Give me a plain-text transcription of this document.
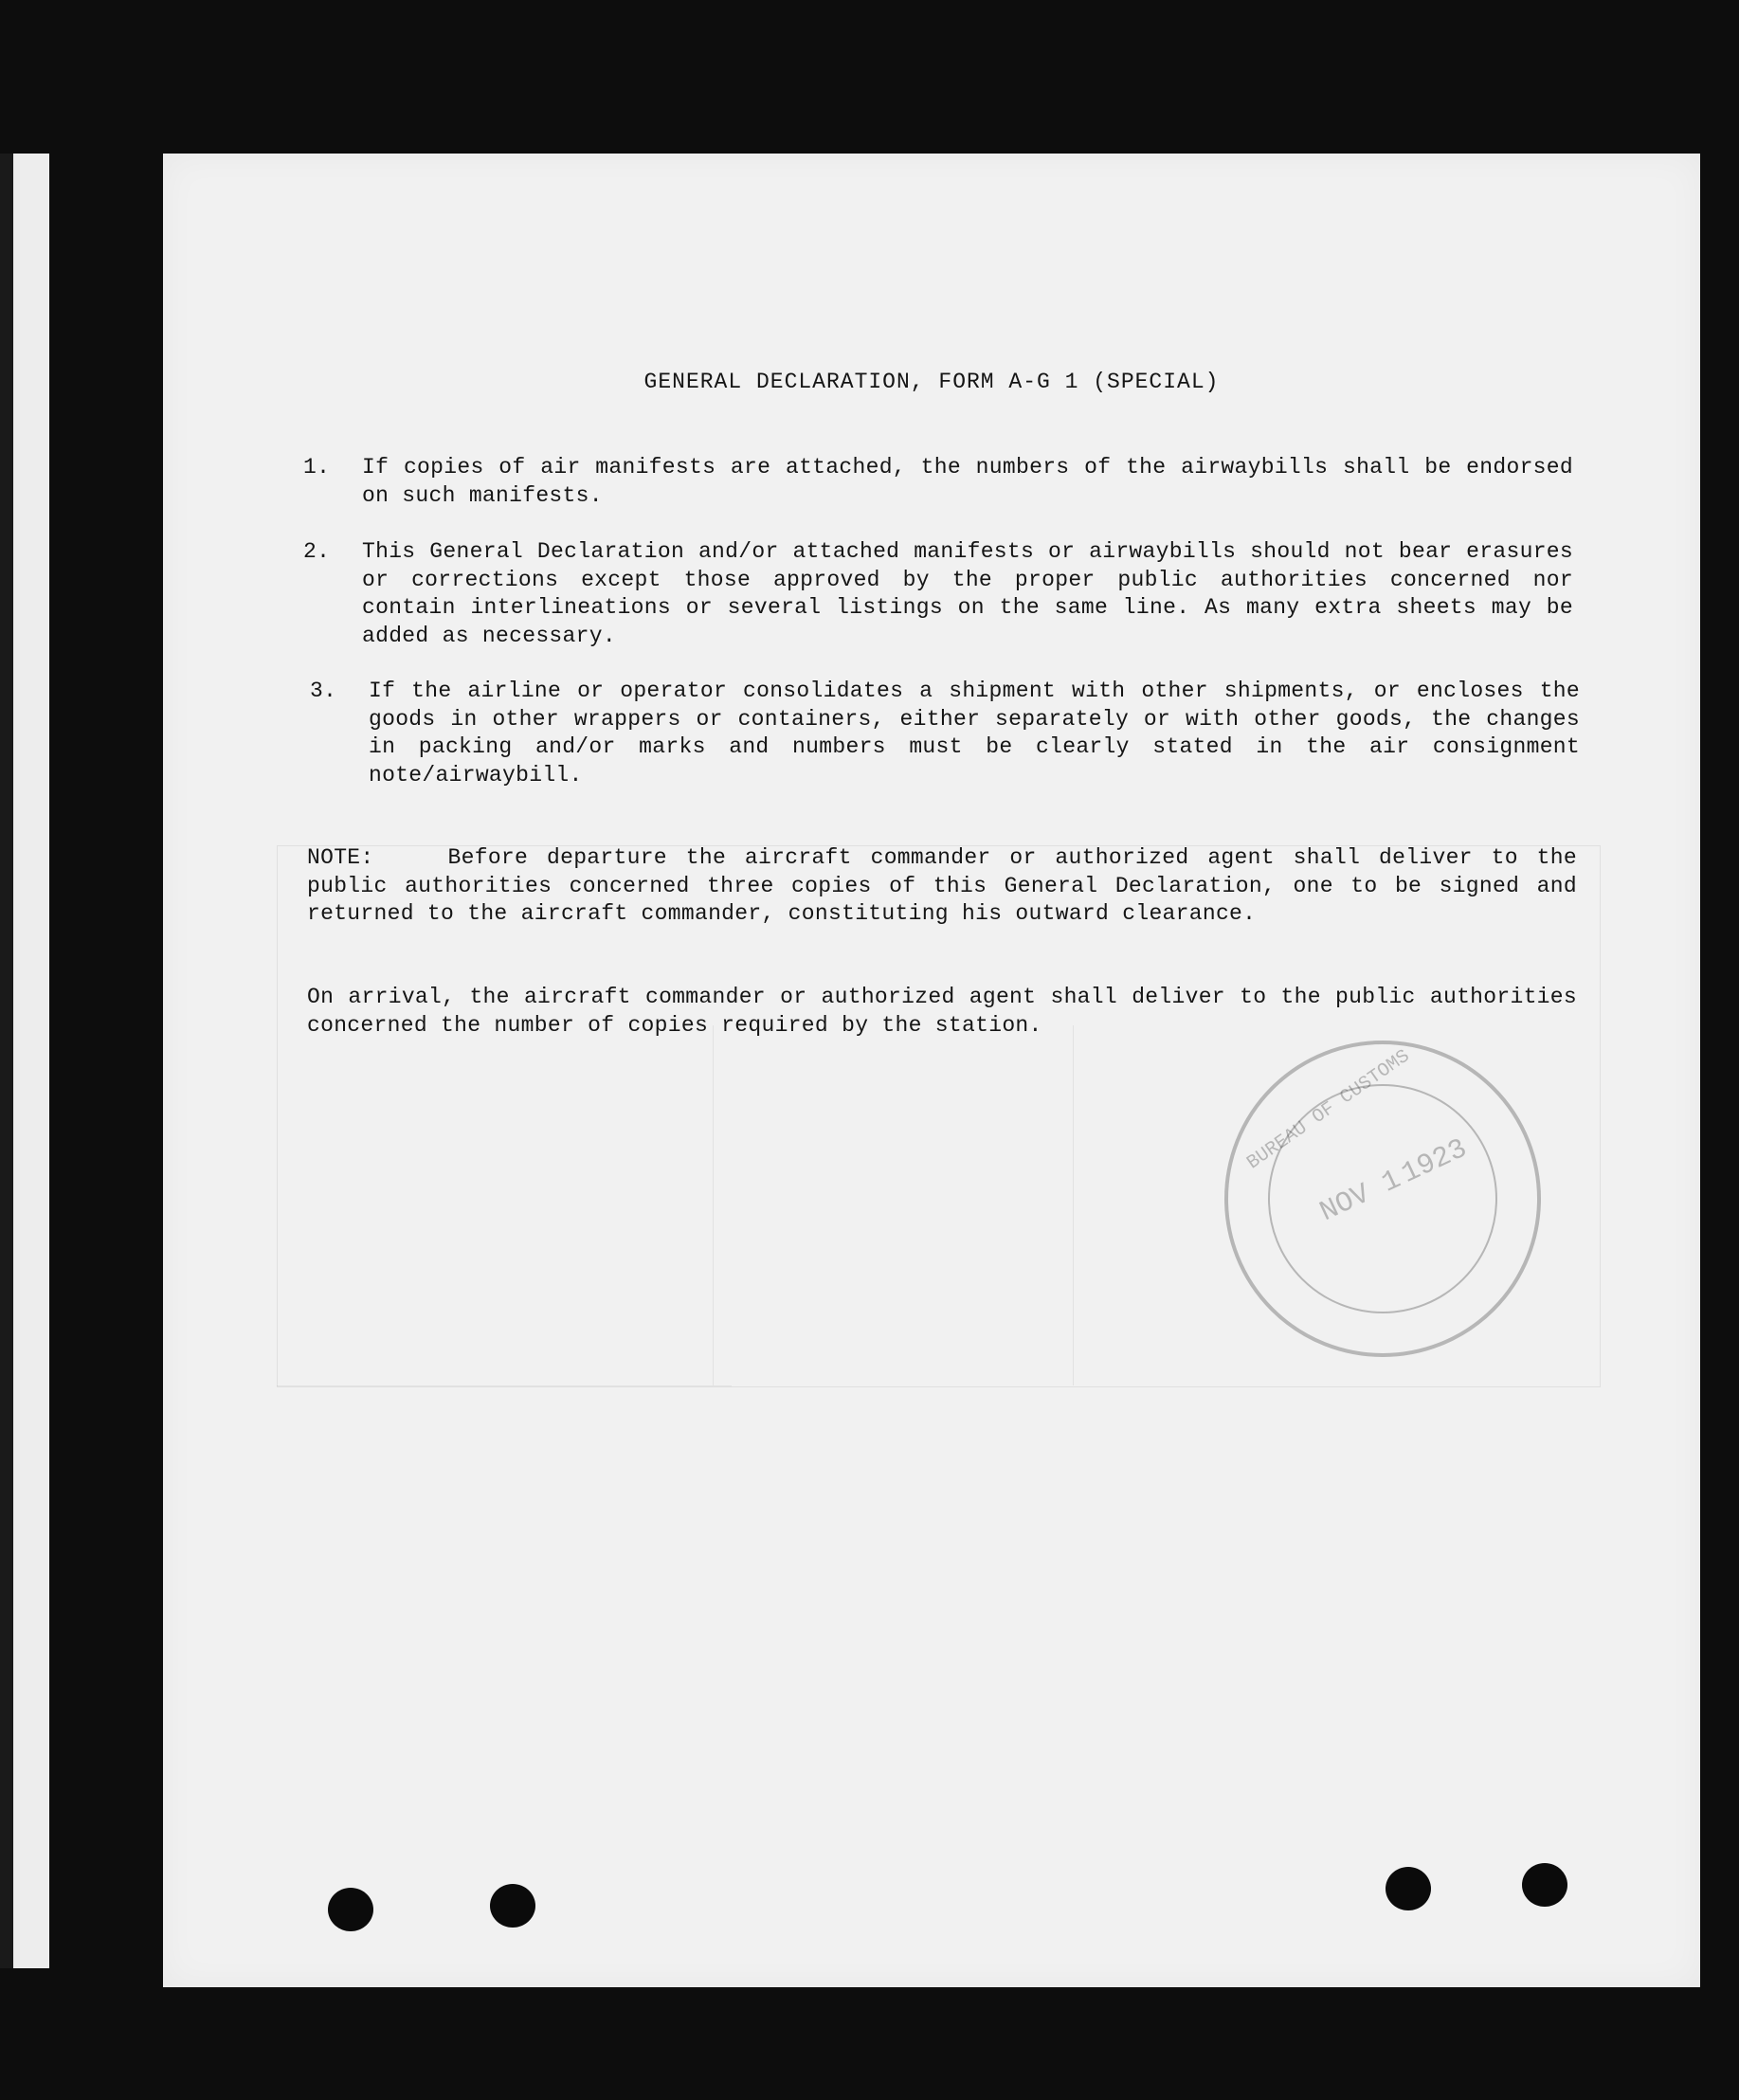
GENERAL DECLARATION, FORM A-G 1 (SPECIAL)
1. If copies of air manifests are attached, the numbers of the airwaybills shall be endorsed on such manifests.
2. This General Declaration and/or attached manifests or airwaybills should not bear erasures or corrections except those approved by the proper public authorities concerned nor contain interlineations or several listings on the same line. As many extra sheets may be added as necessary.
3. If the airline or operator consolidates a shipment with other shipments, or encloses the goods in other wrappers or containers, either separately or with other goods, the changes in packing and/or marks and numbers must be clearly stated in the air consignment note/airwaybill.
NOTE:	Before departure the aircraft commander or authorized agent shall deliver to the public authorities concerned three copies of this General Declaration, one to be signed and returned to the aircraft commander, constituting his outward clearance.
On arrival, the aircraft commander or authorized agent shall deliver to the public authorities concerned the number of copies required by the station.
NOV 1
1923
BUREAU OF CUSTOMS
